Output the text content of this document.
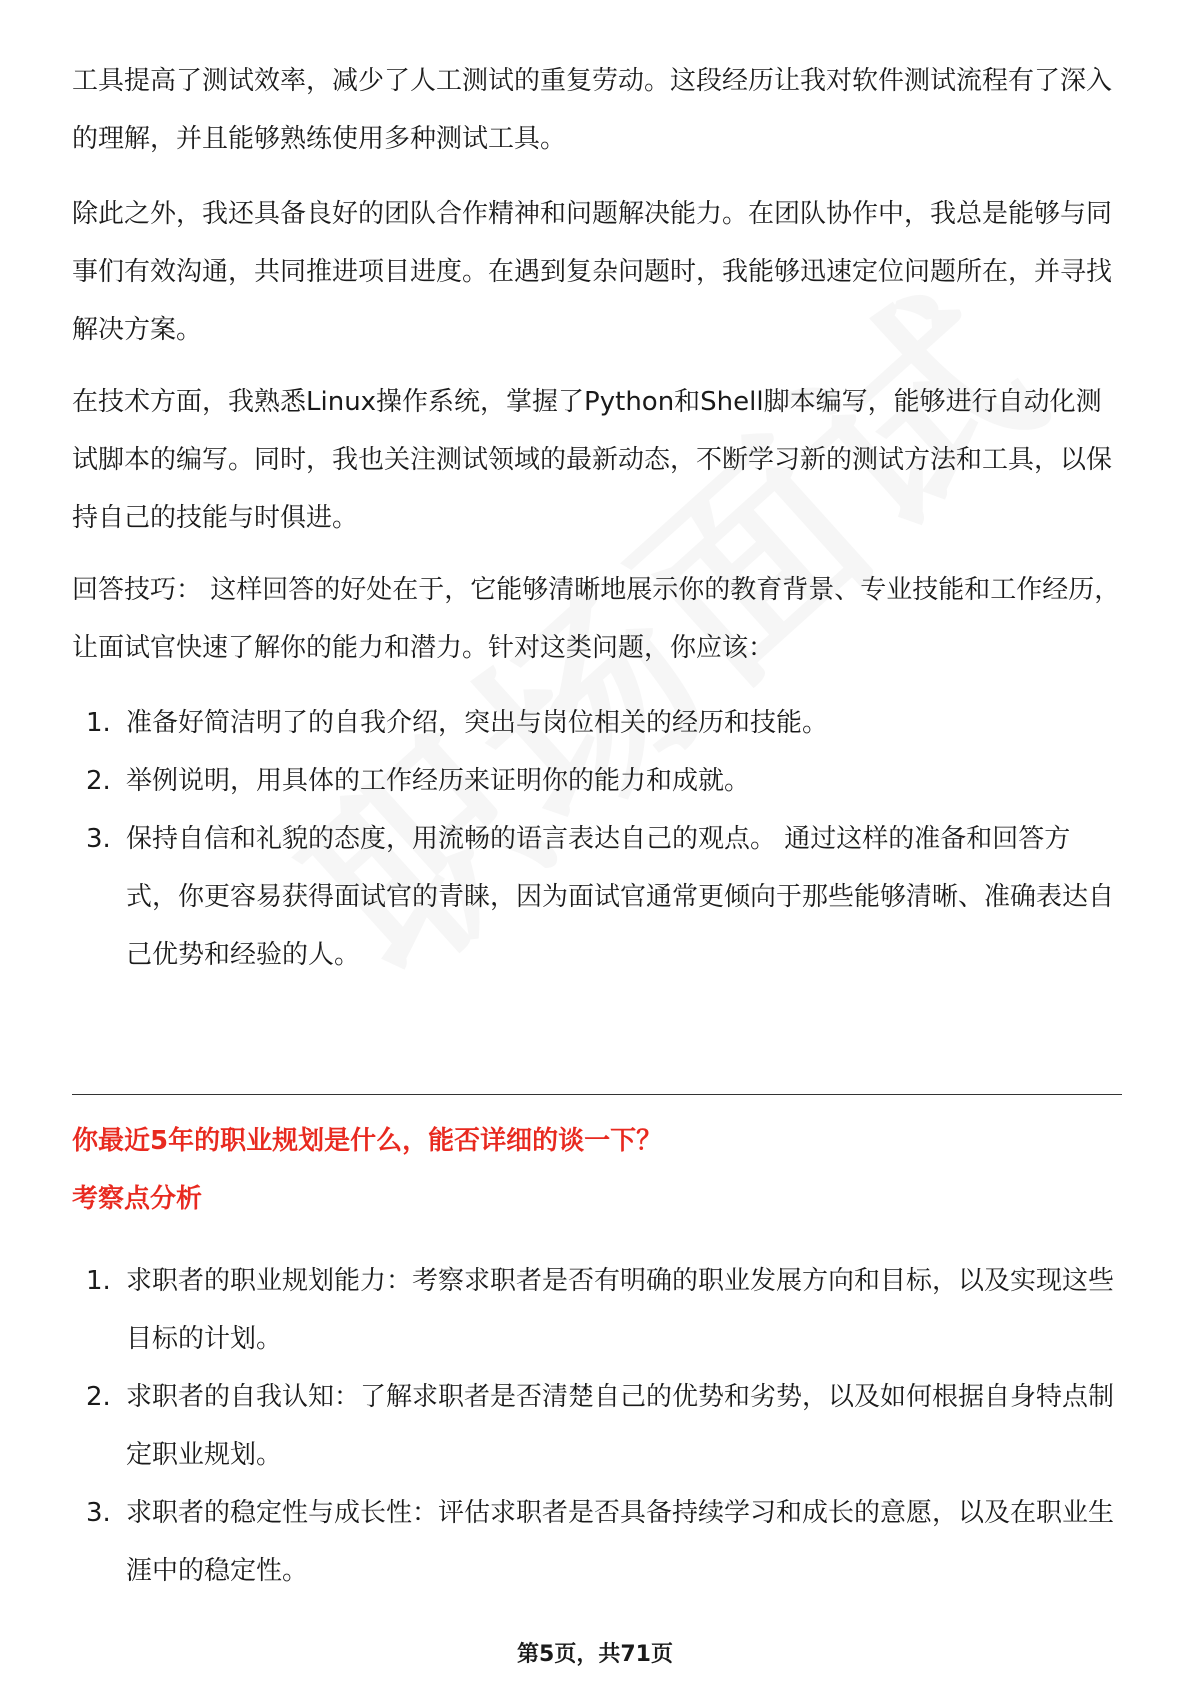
工具提高了测试效率，减少了人工测试的重复劳动。这段经历让我对软件测试流程有了深入的理解，并且能够熟练使用多种测试工具。

除此之外，我还具备良好的团队合作精神和问题解决能力。在团队协作中，我总是能够与同事们有效沟通，共同推进项目进度。在遇到复杂问题时，我能够迅速定位问题所在，并寻找解决方案。

在技术方面，我熟悉Linux操作系统，掌握了Python和Shell脚本编写，能够进行自动化测试脚本的编写。同时，我也关注测试领域的最新动态，不断学习新的测试方法和工具，以保持自己的技能与时俱进。

回答技巧： 这样回答的好处在于，它能够清晰地展示你的教育背景、专业技能和工作经历，让面试官快速了解你的能力和潜力。针对这类问题，你应该：

1. 准备好简洁明了的自我介绍，突出与岗位相关的经历和技能。
2. 举例说明，用具体的工作经历来证明你的能力和成就。
3. 保持自信和礼貌的态度，用流畅的语言表达自己的观点。 通过这样的准备和回答方式，你更容易获得面试官的青睐，因为面试官通常更倾向于那些能够清晰、准确表达自己优势和经验的人。
你最近5年的职业规划是什么，能否详细的谈一下？
考察点分析
1. 求职者的职业规划能力：考察求职者是否有明确的职业发展方向和目标，以及实现这些目标的计划。
2. 求职者的自我认知：了解求职者是否清楚自己的优势和劣势，以及如何根据自身特点制定职业规划。
3. 求职者的稳定性与成长性：评估求职者是否具备持续学习和成长的意愿，以及在职业生涯中的稳定性。
第5页，共71页
